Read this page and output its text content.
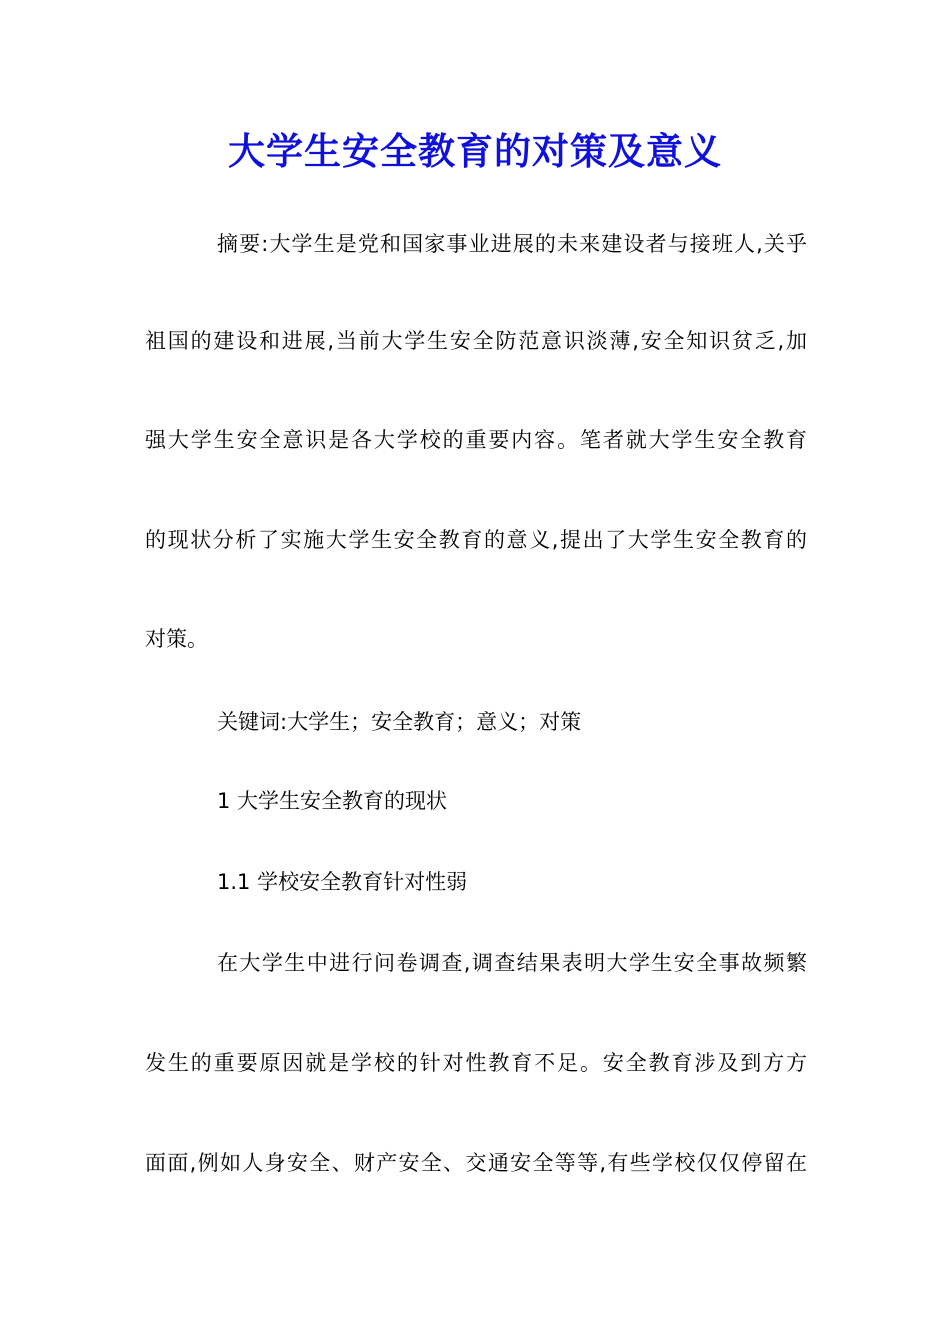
大学生安全教育的对策及意义

摘要:大学生是党和国家事业进展的未来建设者与接班人,关乎

祖国的建设和进展,当前大学生安全防范意识淡薄,安全知识贫乏,加

强大学生安全意识是各大学校的重要内容。笔者就大学生安全教育

的现状分析了实施大学生安全教育的意义,提出了大学生安全教育的

对策。

关键词:大学生；安全教育；意义；对策

1 大学生安全教育的现状

1.1 学校安全教育针对性弱

在大学生中进行问卷调查,调查结果表明大学生安全事故频繁

发生的重要原因就是学校的针对性教育不足。安全教育涉及到方方

面面,例如人身安全、财产安全、交通安全等等,有些学校仅仅停留在
